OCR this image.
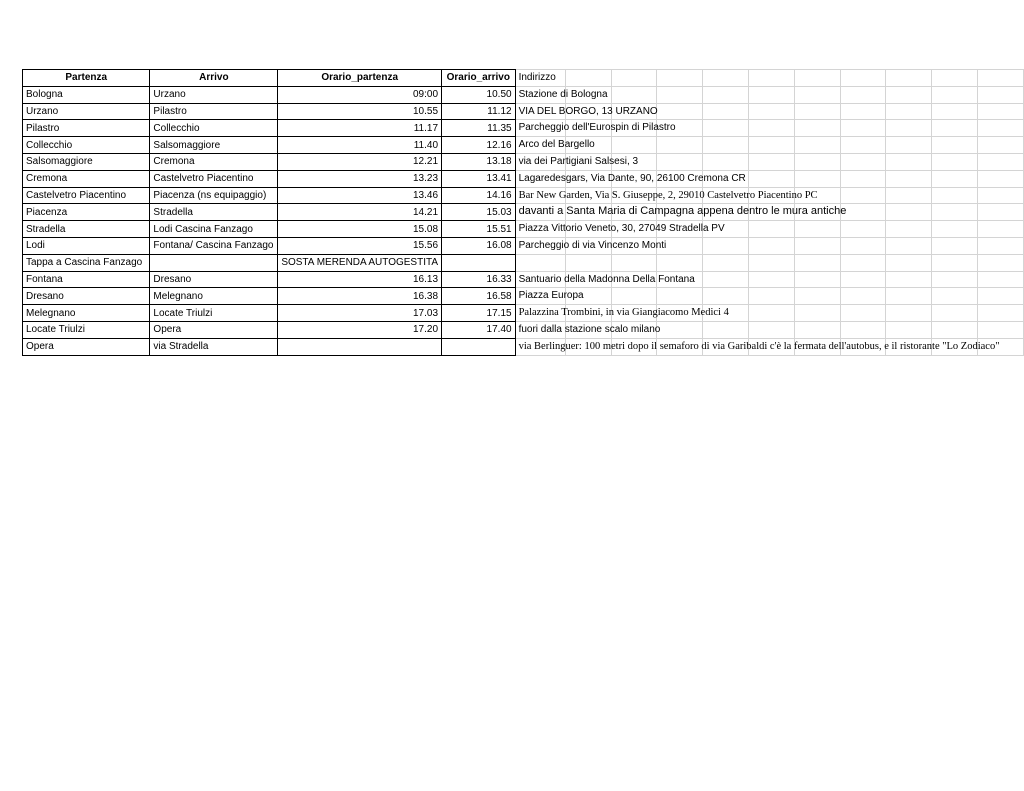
Partenza	Arrivo	Orario_partenza	Orario_arrivo	Indirizzo										
Bologna	Urzano	09:00	10.50	Stazione di Bologna										

Urzano	Pilastro	10.55	11.12	VIA DEL BORGO, 13 URZANO										

Pilastro	Collecchio	11.17	11.35	Parcheggio dell'Eurospin di Pilastro										

Collecchio	Salsomaggiore	11.40	12.16	Arco del Bargello										

Salsomaggiore	Cremona	12.21	13.18	via dei Partigiani Salsesi, 3										

Cremona	Castelvetro Piacentino	13.23	13.41	Lagaredesgars, Via Dante, 90, 26100 Cremona CR										

Castelvetro Piacentino	Piacenza (ns equipaggio)	13.46	14.16	Bar New Garden, Via S. Giuseppe, 2, 29010 Castelvetro Piacentino PC										

Piacenza	Stradella	14.21	15.03	davanti a Santa Maria di Campagna appena dentro le mura antiche										

Stradella	Lodi Cascina Fanzago	15.08	15.51	Piazza Vittorio Veneto, 30, 27049 Stradella PV										

Lodi	Fontana/ Cascina Fanzago	15.56	16.08	Parcheggio di via Vincenzo Monti										

Tappa a Cascina Fanzago		SOSTA MERENDA AUTOGESTITA		

Fontana	Dresano	16.13	16.33	Santuario della Madonna Della Fontana										

Dresano	Melegnano	16.38	16.58	Piazza Europa										

Melegnano	Locate Triulzi	17.03	17.15	Palazzina Trombini, in via Giangiacomo Medici 4										

Locate Triulzi	Opera	17.20	17.40	fuori dalla stazione scalo milano										

Opera	via Stradella			via Berlinguer: 100 metri dopo il semaforo di via Garibaldi c'è la fermata dell'autobus, e il ristorante "Lo Zodiaco"										
